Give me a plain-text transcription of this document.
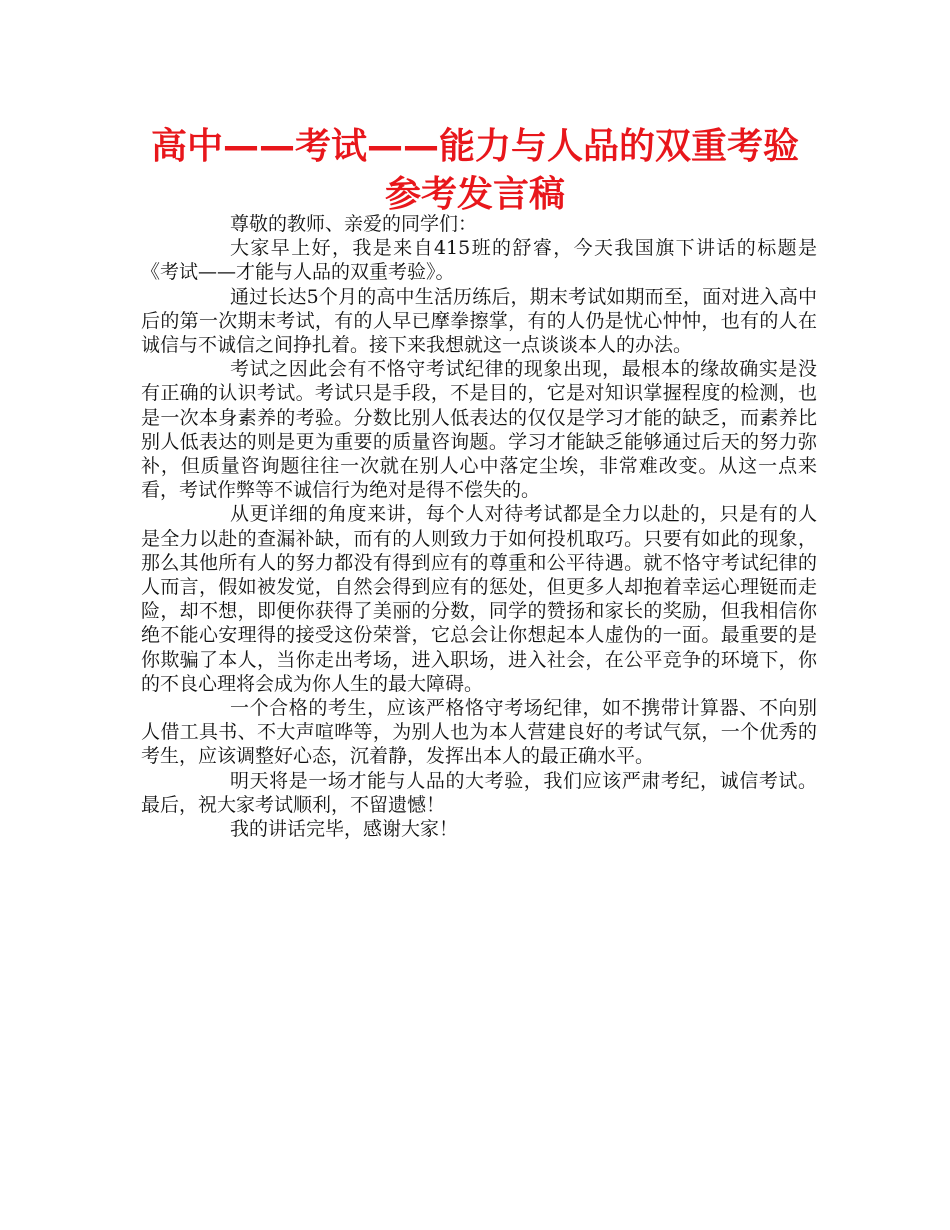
高中——考试——能力与人品的双重考验
参考发言稿

尊敬的教师、亲爱的同学们：

大家早上好，我是来自415班的舒睿，今天我国旗下讲话的标题是《考试——才能与人品的双重考验》。

通过长达5个月的高中生活历练后，期末考试如期而至，面对进入高中后的第一次期末考试，有的人早已摩拳擦掌，有的人仍是忧心忡忡，也有的人在诚信与不诚信之间挣扎着。接下来我想就这一点谈谈本人的办法。

考试之因此会有不恪守考试纪律的现象出现，最根本的缘故确实是没有正确的认识考试。考试只是手段，不是目的，它是对知识掌握程度的检测，也是一次本身素养的考验。分数比别人低表达的仅仅是学习才能的缺乏，而素养比别人低表达的则是更为重要的质量咨询题。学习才能缺乏能够通过后天的努力弥补，但质量咨询题往往一次就在别人心中落定尘埃，非常难改变。从这一点来看，考试作弊等不诚信行为绝对是得不偿失的。

从更详细的角度来讲，每个人对待考试都是全力以赴的，只是有的人是全力以赴的查漏补缺，而有的人则致力于如何投机取巧。只要有如此的现象，那么其他所有人的努力都没有得到应有的尊重和公平待遇。就不恪守考试纪律的人而言，假如被发觉，自然会得到应有的惩处，但更多人却抱着幸运心理铤而走险，却不想，即便你获得了美丽的分数，同学的赞扬和家长的奖励，但我相信你绝不能心安理得的接受这份荣誉，它总会让你想起本人虚伪的一面。最重要的是你欺骗了本人，当你走出考场，进入职场，进入社会，在公平竞争的环境下，你的不良心理将会成为你人生的最大障碍。

一个合格的考生，应该严格恪守考场纪律，如不携带计算器、不向别人借工具书、不大声喧哗等，为别人也为本人营建良好的考试气氛，一个优秀的考生，应该调整好心态，沉着静，发挥出本人的最正确水平。

明天将是一场才能与人品的大考验，我们应该严肃考纪，诚信考试。最后，祝大家考试顺利，不留遗憾！

我的讲话完毕，感谢大家！
